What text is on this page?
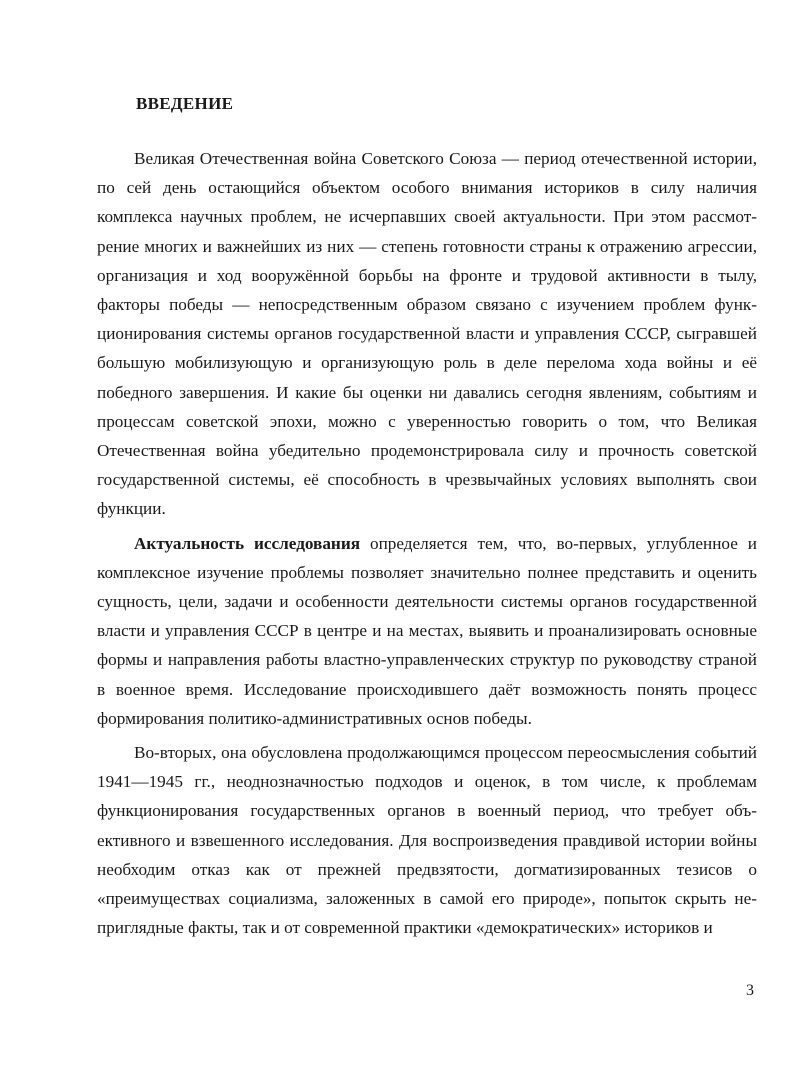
ВВЕДЕНИЕ

Великая Отечественная война Советского Союза — период отечественной истории, по сей день остающийся объектом особого внимания историков в силу наличия комплекса научных проблем, не исчерпавших своей актуальности. При этом рассмотрение многих и важнейших из них — степень готовности страны к отражению агрессии, организация и ход вооружённой борьбы на фронте и трудовой активности в тылу, факторы победы — непосредственным образом связано с изучением проблем функционирования системы органов государственной власти и управления СССР, сыгравшей большую мобилизующую и организующую роль в деле перелома хода войны и её победного завершения. И какие бы оценки ни давались сегодня явлениям, событиям и процессам советской эпохи, можно с уверенностью говорить о том, что Великая Отечественная война убедительно продемонстрировала силу и прочность советской государственной системы, её способность в чрезвычайных условиях выполнять свои функции.

Актуальность исследования определяется тем, что, во-первых, углубленное и комплексное изучение проблемы позволяет значительно полнее представить и оценить сущность, цели, задачи и особенности деятельности системы органов государственной власти и управления СССР в центре и на местах, выявить и проанализировать основные формы и направления работы властно-управленческих структур по руководству страной в военное время. Исследование происходившего даёт возможность понять процесс формирования политико-административных основ победы.

Во-вторых, она обусловлена продолжающимся процессом переосмысления событий 1941—1945 гг., неоднозначностью подходов и оценок, в том числе, к проблемам функционирования государственных органов в военный период, что требует объективного и взвешенного исследования. Для воспроизведения правдивой истории войны необходим отказ как от прежней предвзятости, догматизированных тезисов о «преимуществах социализма, заложенных в самой его природе», попыток скрыть неприглядные факты, так и от современной практики «демократических» историков и

3
